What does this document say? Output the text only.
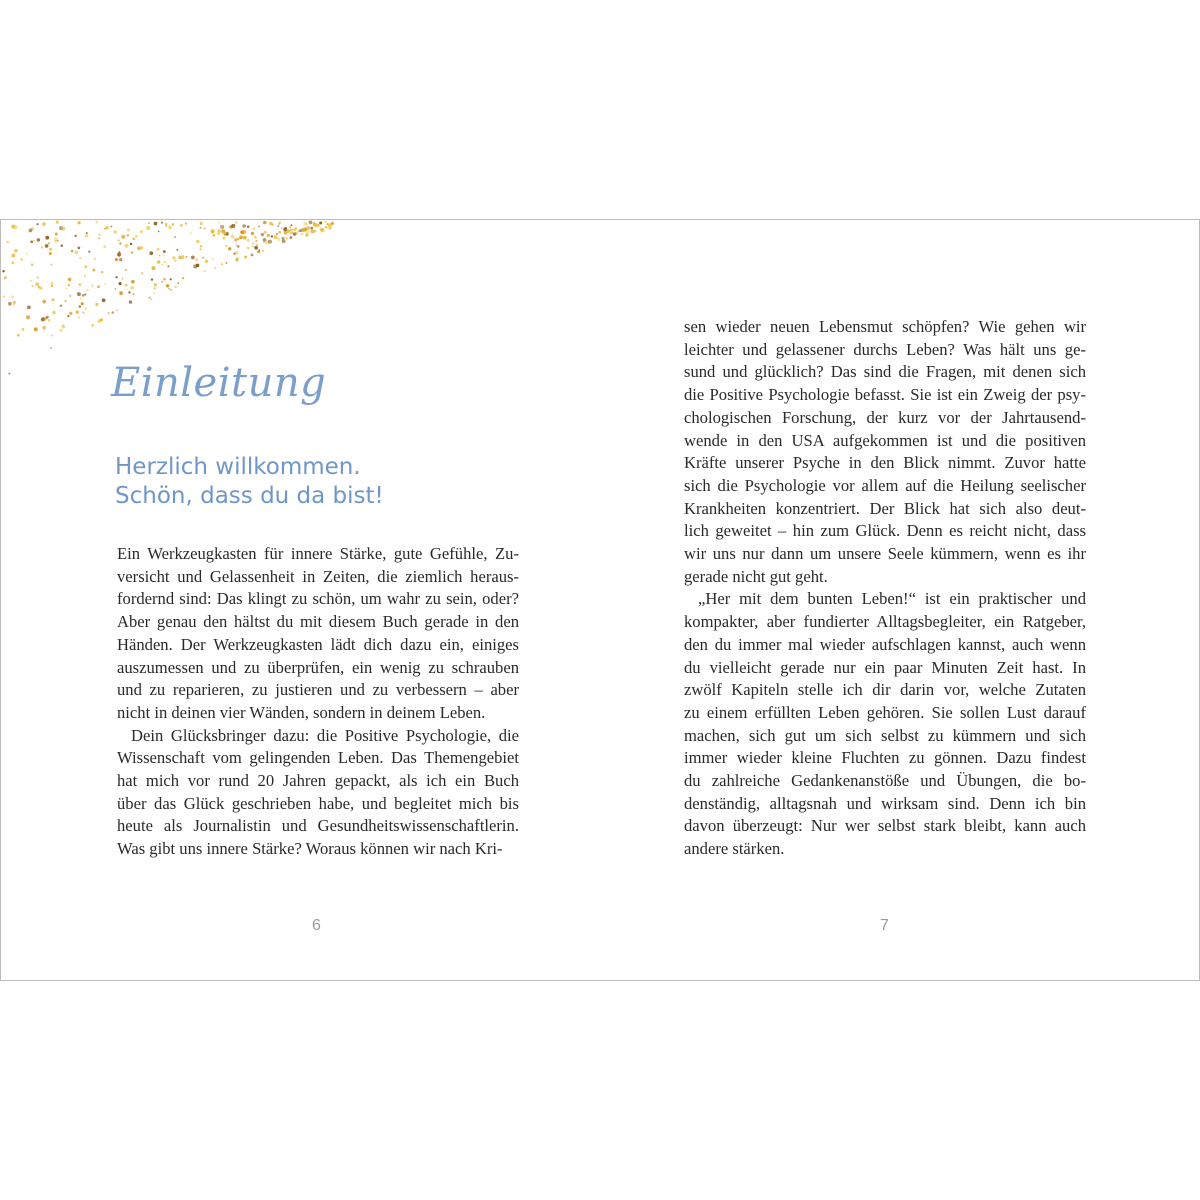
Einleitung
Herzlich willkommen.
Schön, dass du da bist!
Ein Werkzeugkasten für innere Stärke, gute Gefühle, Zu-
versicht und Gelassenheit in Zeiten, die ziemlich heraus-
fordernd sind: Das klingt zu schön, um wahr zu sein, oder?
Aber genau den hältst du mit diesem Buch gerade in den
Händen. Der Werkzeugkasten lädt dich dazu ein, einiges
auszumessen und zu überprüfen, ein wenig zu schrauben
und zu reparieren, zu justieren und zu verbessern – aber
nicht in deinen vier Wänden, sondern in deinem Leben.
Dein Glücksbringer dazu: die Positive Psychologie, die
Wissenschaft vom gelingenden Leben. Das Themengebiet
hat mich vor rund 20 Jahren gepackt, als ich ein Buch
über das Glück geschrieben habe, und begleitet mich bis
heute als Journalistin und Gesundheitswissenschaftlerin.
Was gibt uns innere Stärke? Woraus können wir nach Kri-
sen wieder neuen Lebensmut schöpfen? Wie gehen wir
leichter und gelassener durchs Leben? Was hält uns ge-
sund und glücklich? Das sind die Fragen, mit denen sich
die Positive Psychologie befasst. Sie ist ein Zweig der psy-
chologischen Forschung, der kurz vor der Jahrtausend-
wende in den USA aufgekommen ist und die positiven
Kräfte unserer Psyche in den Blick nimmt. Zuvor hatte
sich die Psychologie vor allem auf die Heilung seelischer
Krankheiten konzentriert. Der Blick hat sich also deut-
lich geweitet – hin zum Glück. Denn es reicht nicht, dass
wir uns nur dann um unsere Seele kümmern, wenn es ihr
gerade nicht gut geht.
„Her mit dem bunten Leben!“ ist ein praktischer und
kompakter, aber fundierter Alltagsbegleiter, ein Ratgeber,
den du immer mal wieder aufschlagen kannst, auch wenn
du vielleicht gerade nur ein paar Minuten Zeit hast. In
zwölf Kapiteln stelle ich dir darin vor, welche Zutaten
zu einem erfüllten Leben gehören. Sie sollen Lust darauf
machen, sich gut um sich selbst zu kümmern und sich
immer wieder kleine Fluchten zu gönnen. Dazu findest
du zahlreiche Gedankenanstöße und Übungen, die bo-
denständig, alltagsnah und wirksam sind. Denn ich bin
davon überzeugt: Nur wer selbst stark bleibt, kann auch
andere stärken.
6	7
